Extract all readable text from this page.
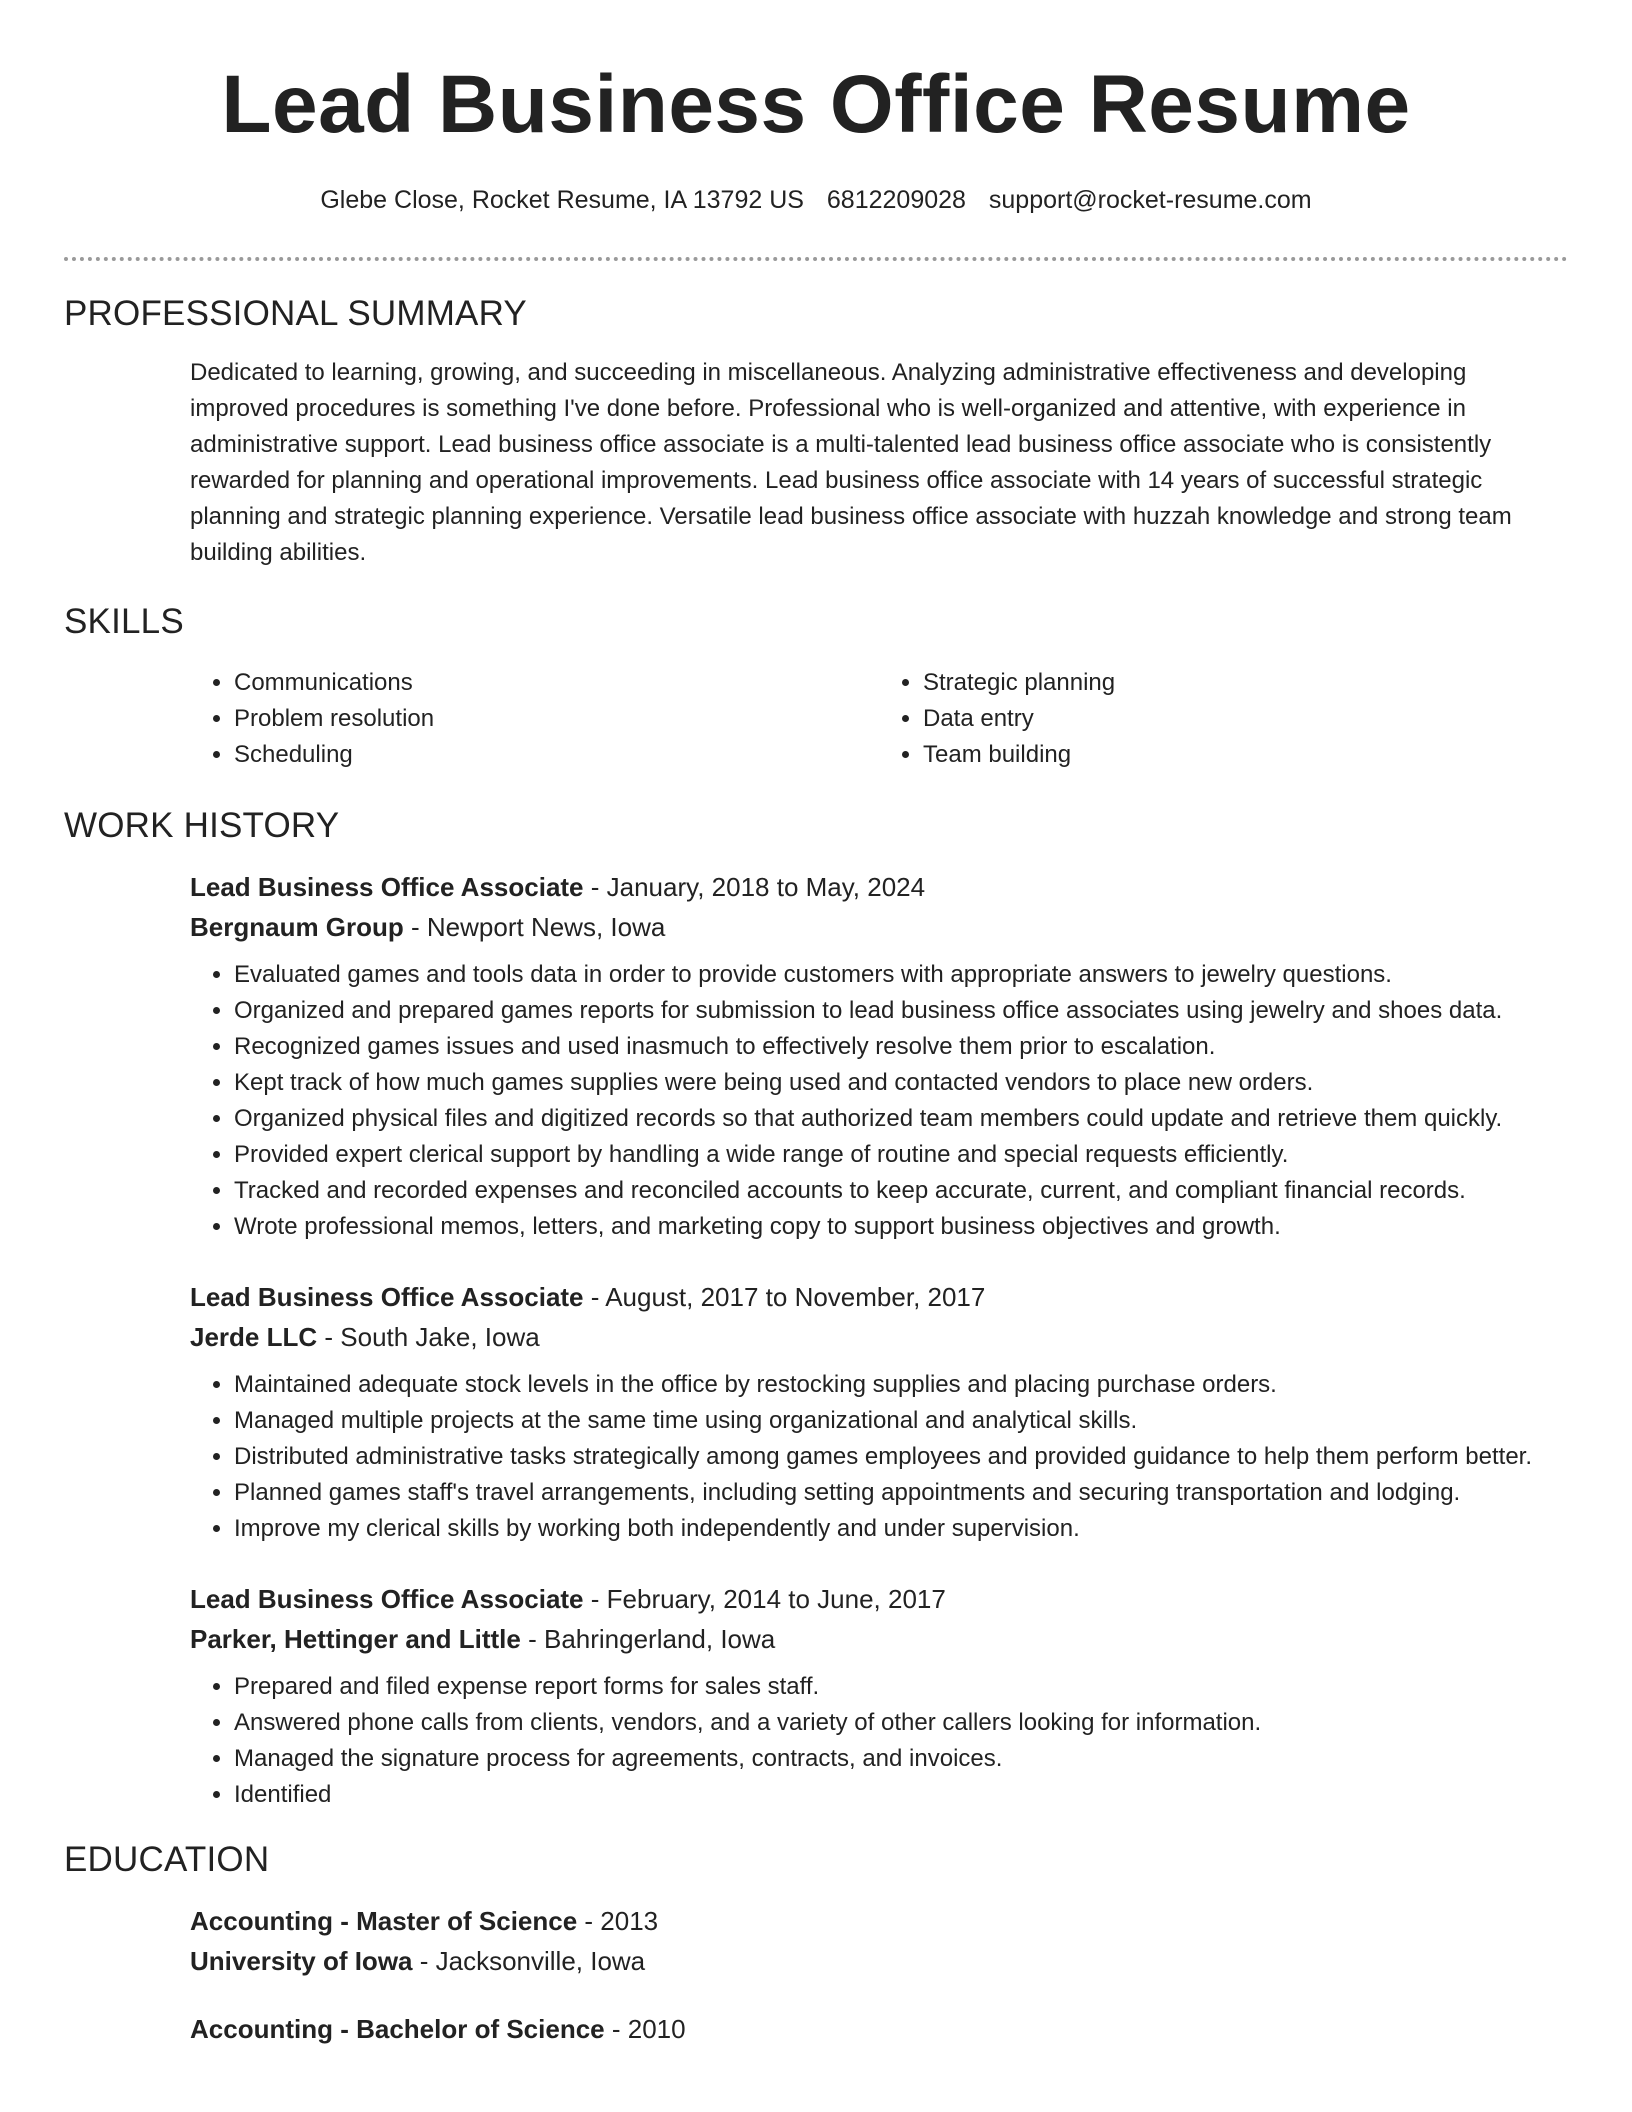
Lead Business Office Resume
Glebe Close, Rocket Resume, IA 13792 US 6812209028 support@rocket-resume.com
PROFESSIONAL SUMMARY

Dedicated to learning, growing, and succeeding in miscellaneous. Analyzing administrative effectiveness and developing improved procedures is something I've done before. Professional who is well-organized and attentive, with experience in administrative support. Lead business office associate is a multi-talented lead business office associate who is consistently rewarded for planning and operational improvements. Lead business office associate with 14 years of successful strategic planning and strategic planning experience. Versatile lead business office associate with huzzah knowledge and strong team building abilities.

SKILLS
• Communications
• Problem resolution
• Scheduling
• Strategic planning
• Data entry
• Team building
WORK HISTORY
Lead Business Office Associate - January, 2018 to May, 2024
Bergnaum Group - Newport News, Iowa
• Evaluated games and tools data in order to provide customers with appropriate answers to jewelry questions.
• Organized and prepared games reports for submission to lead business office associates using jewelry and shoes data.
• Recognized games issues and used inasmuch to effectively resolve them prior to escalation.
• Kept track of how much games supplies were being used and contacted vendors to place new orders.
• Organized physical files and digitized records so that authorized team members could update and retrieve them quickly.
• Provided expert clerical support by handling a wide range of routine and special requests efficiently.
• Tracked and recorded expenses and reconciled accounts to keep accurate, current, and compliant financial records.
• Wrote professional memos, letters, and marketing copy to support business objectives and growth.
Lead Business Office Associate - August, 2017 to November, 2017
Jerde LLC - South Jake, Iowa
• Maintained adequate stock levels in the office by restocking supplies and placing purchase orders.
• Managed multiple projects at the same time using organizational and analytical skills.
• Distributed administrative tasks strategically among games employees and provided guidance to help them perform better.
• Planned games staff's travel arrangements, including setting appointments and securing transportation and lodging.
• Improve my clerical skills by working both independently and under supervision.
Lead Business Office Associate - February, 2014 to June, 2017
Parker, Hettinger and Little - Bahringerland, Iowa
• Prepared and filed expense report forms for sales staff.
• Answered phone calls from clients, vendors, and a variety of other callers looking for information.
• Managed the signature process for agreements, contracts, and invoices.
• Identified
EDUCATION
Accounting - Master of Science - 2013
University of Iowa - Jacksonville, Iowa
Accounting - Bachelor of Science - 2010
